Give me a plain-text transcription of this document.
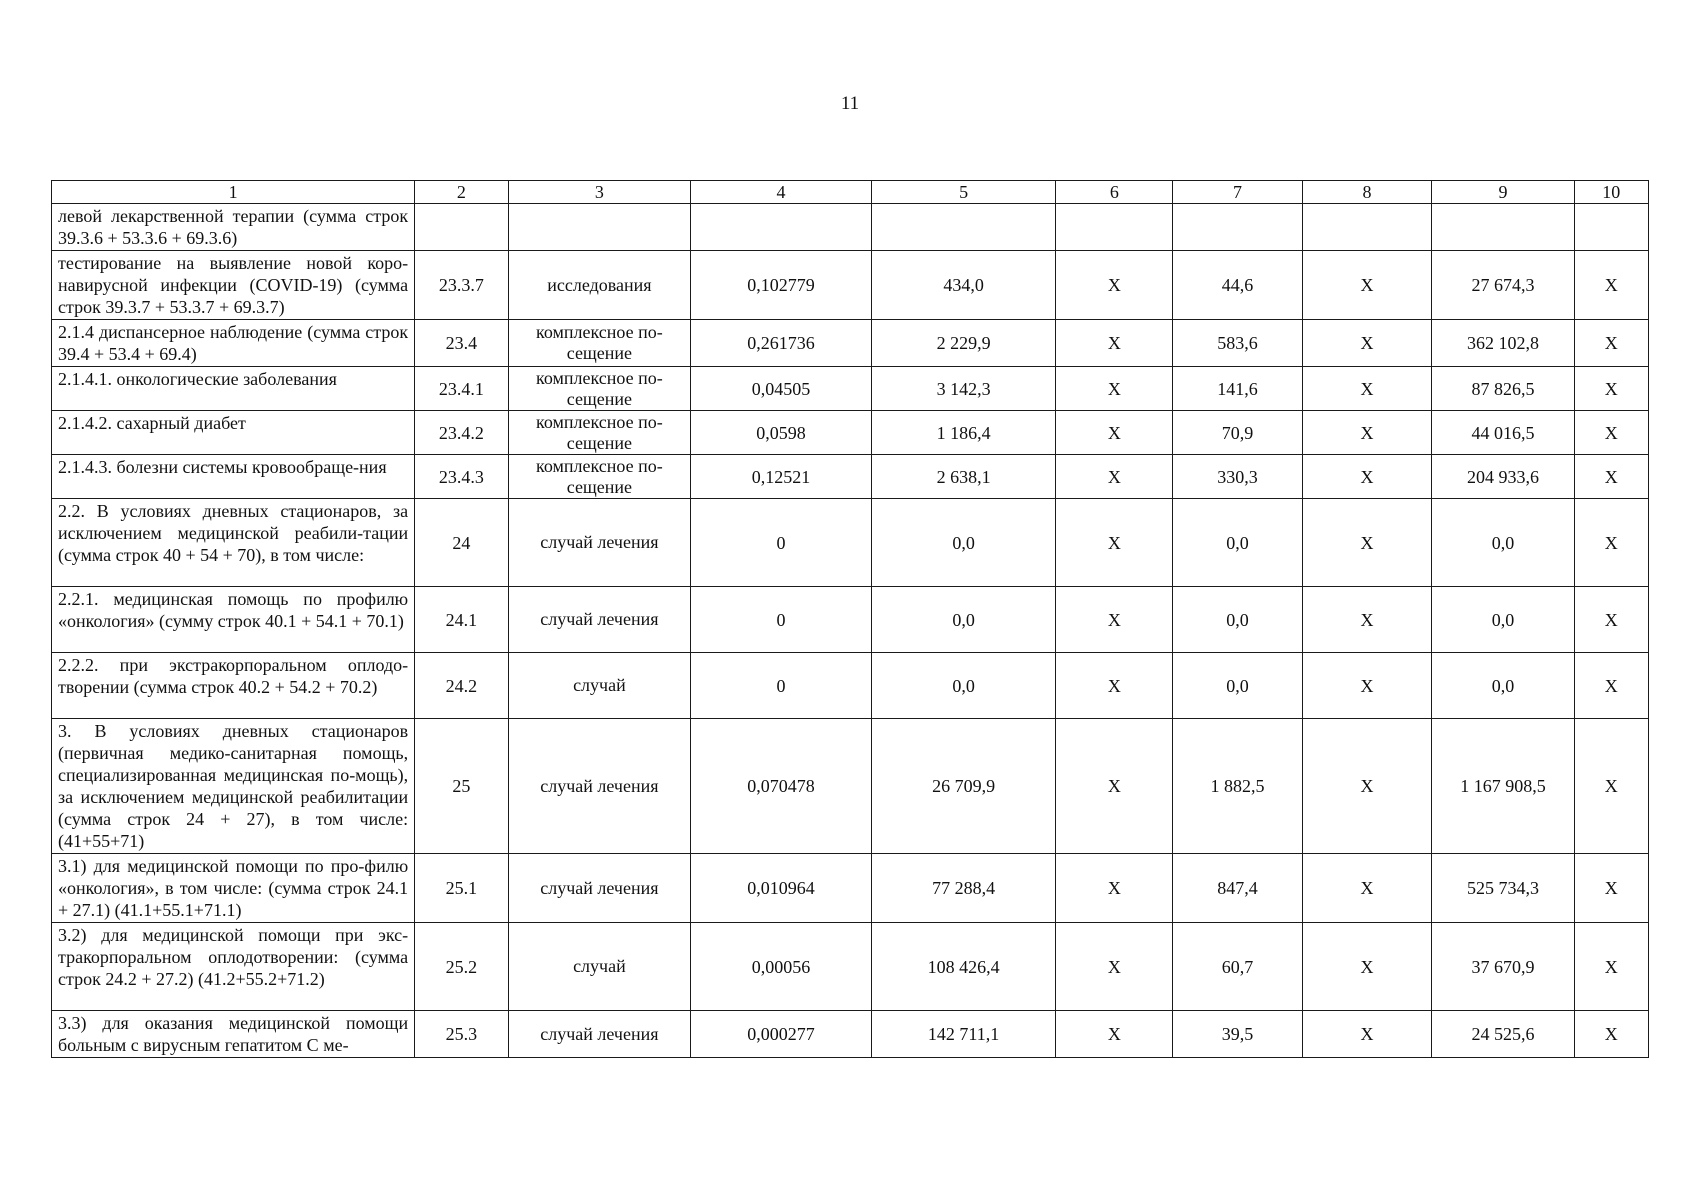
11
1	2	3	4	5	6	7	8	9	10
левой лекарственной терапии (сумма строк 39.3.6 + 53.3.6 + 69.3.6)									
тестирование на выявление новой коро-навирусной инфекции (COVID-19) (сумма строк 39.3.7 + 53.3.7 + 69.3.7)	23.3.7	исследования	0,102779	434,0	X	44,6	X	27 674,3	X
2.1.4 диспансерное наблюдение (сумма строк 39.4 + 53.4 + 69.4)	23.4	комплексное по-сещение	0,261736	2 229,9	X	583,6	X	362 102,8	X
2.1.4.1. онкологические заболевания	23.4.1	комплексное по-сещение	0,04505	3 142,3	X	141,6	X	87 826,5	X
2.1.4.2. сахарный диабет	23.4.2	комплексное по-сещение	0,0598	1 186,4	X	70,9	X	44 016,5	X
2.1.4.3. болезни системы кровообраще-ния	23.4.3	комплексное по-сещение	0,12521	2 638,1	X	330,3	X	204 933,6	X
2.2. В условиях дневных стационаров, за исключением медицинской реабили-тации (сумма строк 40 + 54 + 70), в том числе:	24	случай лечения	0	0,0	X	0,0	X	0,0	X
2.2.1. медицинская помощь по профилю «онкология» (сумму строк 40.1 + 54.1 + 70.1)	24.1	случай лечения	0	0,0	X	0,0	X	0,0	X
2.2.2. при экстракорпоральном оплодо-творении (сумма строк 40.2 + 54.2 + 70.2)	24.2	случай	0	0,0	X	0,0	X	0,0	X
3. В условиях дневных стационаров (первичная медико-санитарная помощь, специализированная медицинская по-мощь), за исключением медицинской реабилитации (сумма строк 24 + 27), в том числе: (41+55+71)	25	случай лечения	0,070478	26 709,9	X	1 882,5	X	1 167 908,5	X
3.1) для медицинской помощи по про-филю «онкология», в том числе: (сумма строк 24.1 + 27.1) (41.1+55.1+71.1)	25.1	случай лечения	0,010964	77 288,4	X	847,4	X	525 734,3	X
3.2) для медицинской помощи при экс-тракорпоральном оплодотворении: (сумма строк 24.2 + 27.2) (41.2+55.2+71.2)	25.2	случай	0,00056	108 426,4	X	60,7	X	37 670,9	X
3.3) для оказания медицинской помощи больным с вирусным гепатитом С ме-	25.3	случай лечения	0,000277	142 711,1	X	39,5	X	24 525,6	X
